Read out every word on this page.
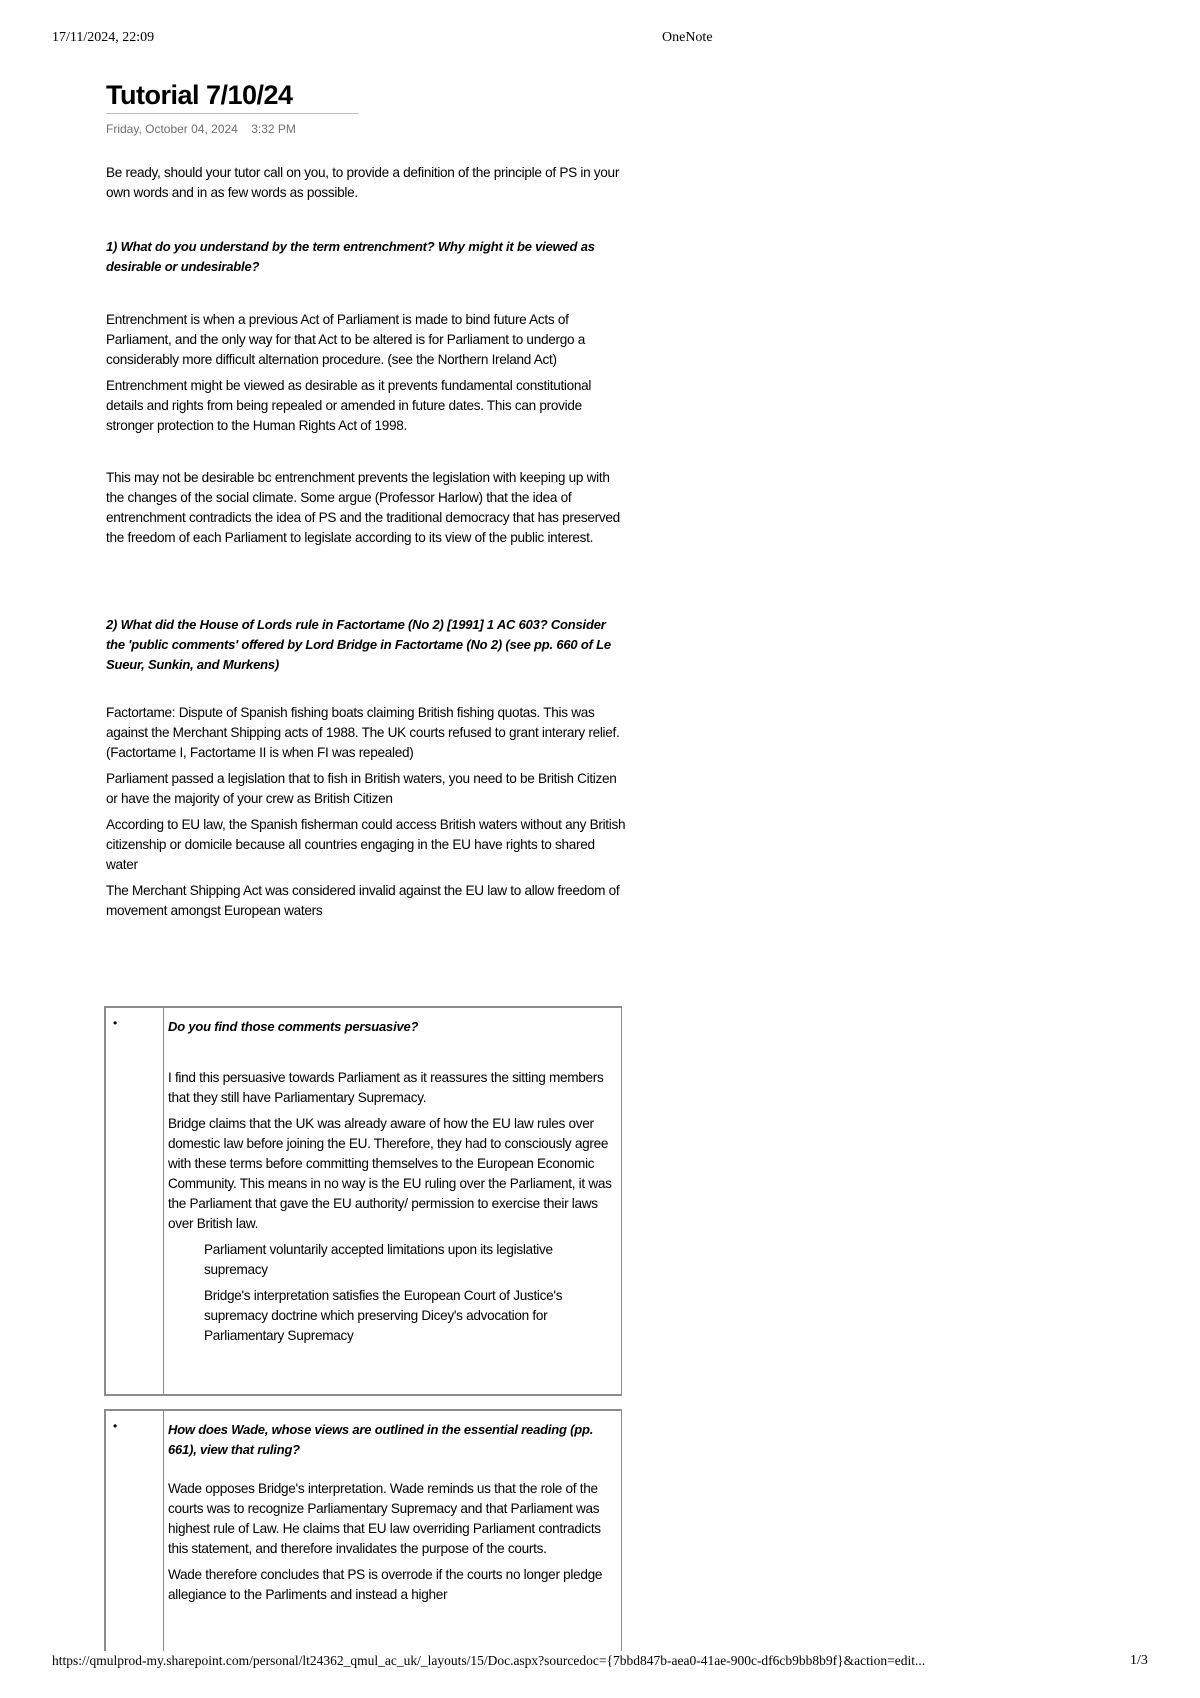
17/11/2024, 22:09	OneNote
Tutorial 7/10/24
Friday, October 04, 2024 3:32 PM

Be ready, should your tutor call on you, to provide a definition of the principle of PS in your own words and in as few words as possible.

1) What do you understand by the term entrenchment? Why might it be viewed as desirable or undesirable?

Entrenchment is when a previous Act of Parliament is made to bind future Acts of Parliament, and the only way for that Act to be altered is for Parliament to undergo a considerably more difficult alternation procedure. (see the Northern Ireland Act)

Entrenchment might be viewed as desirable as it prevents fundamental constitutional details and rights from being repealed or amended in future dates. This can provide stronger protection to the Human Rights Act of 1998.

This may not be desirable bc entrenchment prevents the legislation with keeping up with the changes of the social climate. Some argue (Professor Harlow) that the idea of entrenchment contradicts the idea of PS and the traditional democracy that has preserved the freedom of each Parliament to legislate according to its view of the public interest.

2) What did the House of Lords rule in Factortame (No 2) [1991] 1 AC 603? Consider the 'public comments' offered by Lord Bridge in Factortame (No 2) (see pp. 660 of Le Sueur, Sunkin, and Murkens)

Factortame: Dispute of Spanish fishing boats claiming British fishing quotas. This was against the Merchant Shipping acts of 1988. The UK courts refused to grant interary relief. (Factortame I, Factortame II is when FI was repealed)

Parliament passed a legislation that to fish in British waters, you need to be British Citizen or have the majority of your crew as British Citizen

According to EU law, the Spanish fisherman could access British waters without any British citizenship or domicile because all countries engaging in the EU have rights to shared water

The Merchant Shipping Act was considered invalid against the EU law to allow freedom of movement amongst European waters

•	Do you find those comments persuasive?

I find this persuasive towards Parliament as it reassures the sitting members that they still have Parliamentary Supremacy.

Bridge claims that the UK was already aware of how the EU law rules over domestic law before joining the EU. Therefore, they had to consciously agree with these terms before committing themselves to the European Economic Community. This means in no way is the EU ruling over the Parliament, it was the Parliament that gave the EU authority/ permission to exercise their laws over British law.

Parliament voluntarily accepted limitations upon its legislative supremacy

Bridge's interpretation satisfies the European Court of Justice's supremacy doctrine which preserving Dicey's advocation for Parliamentary Supremacy

•	How does Wade, whose views are outlined in the essential reading (pp. 661), view that ruling?

Wade opposes Bridge's interpretation. Wade reminds us that the role of the courts was to recognize Parliamentary Supremacy and that Parliament was highest rule of Law. He claims that EU law overriding Parliament contradicts this statement, and therefore invalidates the purpose of the courts.

Wade therefore concludes that PS is overrode if the courts no longer pledge allegiance to the Parliments and instead a higher

https://qmulprod-my.sharepoint.com/personal/lt24362_qmul_ac_uk/_layouts/15/Doc.aspx?sourcedoc={7bbd847b-aea0-41ae-900c-df6cb9bb8b9f}&action=edit...	1/3
